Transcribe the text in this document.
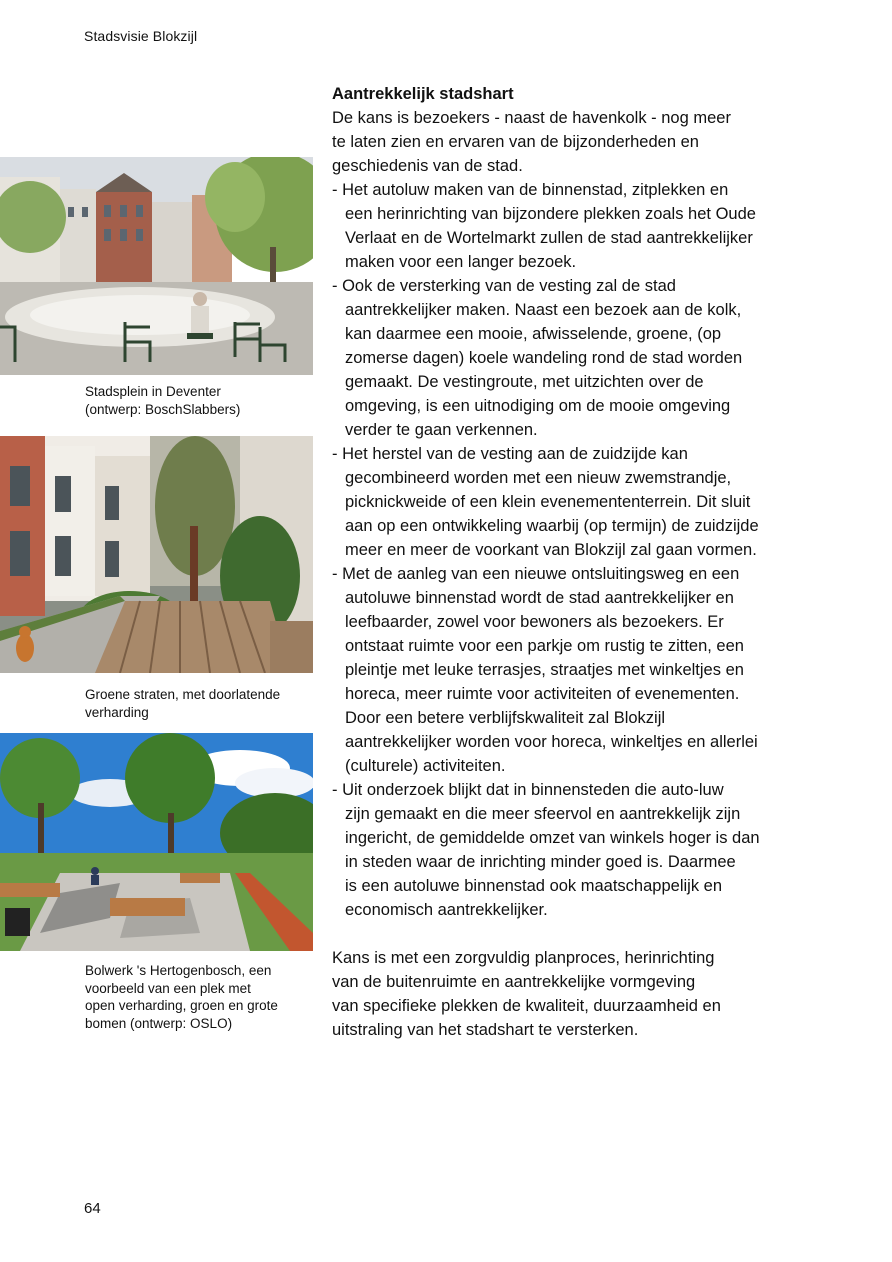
Stadsvisie Blokzijl
Stadsplein in Deventer
(ontwerp: BoschSlabbers)
Groene straten, met doorlatende
verharding
Bolwerk 's Hertogenbosch, een
voorbeeld van een plek met
open verharding, groen en grote
bomen (ontwerp: OSLO)
Aantrekkelijk stadshart
De kans is bezoekers - naast de havenkolk - nog meer
te laten zien en ervaren van de bijzonderheden en
geschiedenis van de stad.
- Het autoluw maken van de binnenstad, zitplekken en
een herinrichting van bijzondere plekken zoals het Oude
Verlaat en de Wortelmarkt zullen de stad aantrekkelijker
maken voor een langer bezoek.
- Ook de versterking van de vesting zal de stad
aantrekkelijker maken. Naast een bezoek aan de kolk,
kan daarmee een mooie, afwisselende, groene, (op
zomerse dagen) koele wandeling rond de stad worden
gemaakt. De vestingroute, met uitzichten over de
omgeving, is een uitnodiging om de mooie omgeving
verder te gaan verkennen.
- Het herstel van de vesting aan de zuidzijde kan
gecombineerd worden met een nieuw zwemstrandje,
picknickweide of een klein evenemententerrein. Dit sluit
aan op een ontwikkeling waarbij (op termijn) de zuidzijde
meer en meer de voorkant van Blokzijl zal gaan vormen.
- Met de aanleg van een nieuwe ontsluitingsweg en een
autoluwe binnenstad wordt de stad aantrekkelijker en
leefbaarder, zowel voor bewoners als bezoekers. Er
ontstaat ruimte voor een parkje om rustig te zitten, een
pleintje met leuke terrasjes, straatjes met winkeltjes en
horeca, meer ruimte voor activiteiten of evenementen.
Door een betere verblijfskwaliteit zal Blokzijl
aantrekkelijker worden voor horeca, winkeltjes en allerlei
(culturele) activiteiten.
- Uit onderzoek blijkt dat in binnensteden die auto-luw
zijn gemaakt en die meer sfeervol en aantrekkelijk zijn
ingericht, de gemiddelde omzet van winkels hoger is dan
in steden waar de inrichting minder goed is. Daarmee
is een autoluwe binnenstad ook maatschappelijk en
economisch aantrekkelijker.
Kans is met een zorgvuldig planproces, herinrichting
van de buitenruimte en aantrekkelijke vormgeving
van specifieke plekken de kwaliteit, duurzaamheid en
uitstraling van het stadshart te versterken.
64
